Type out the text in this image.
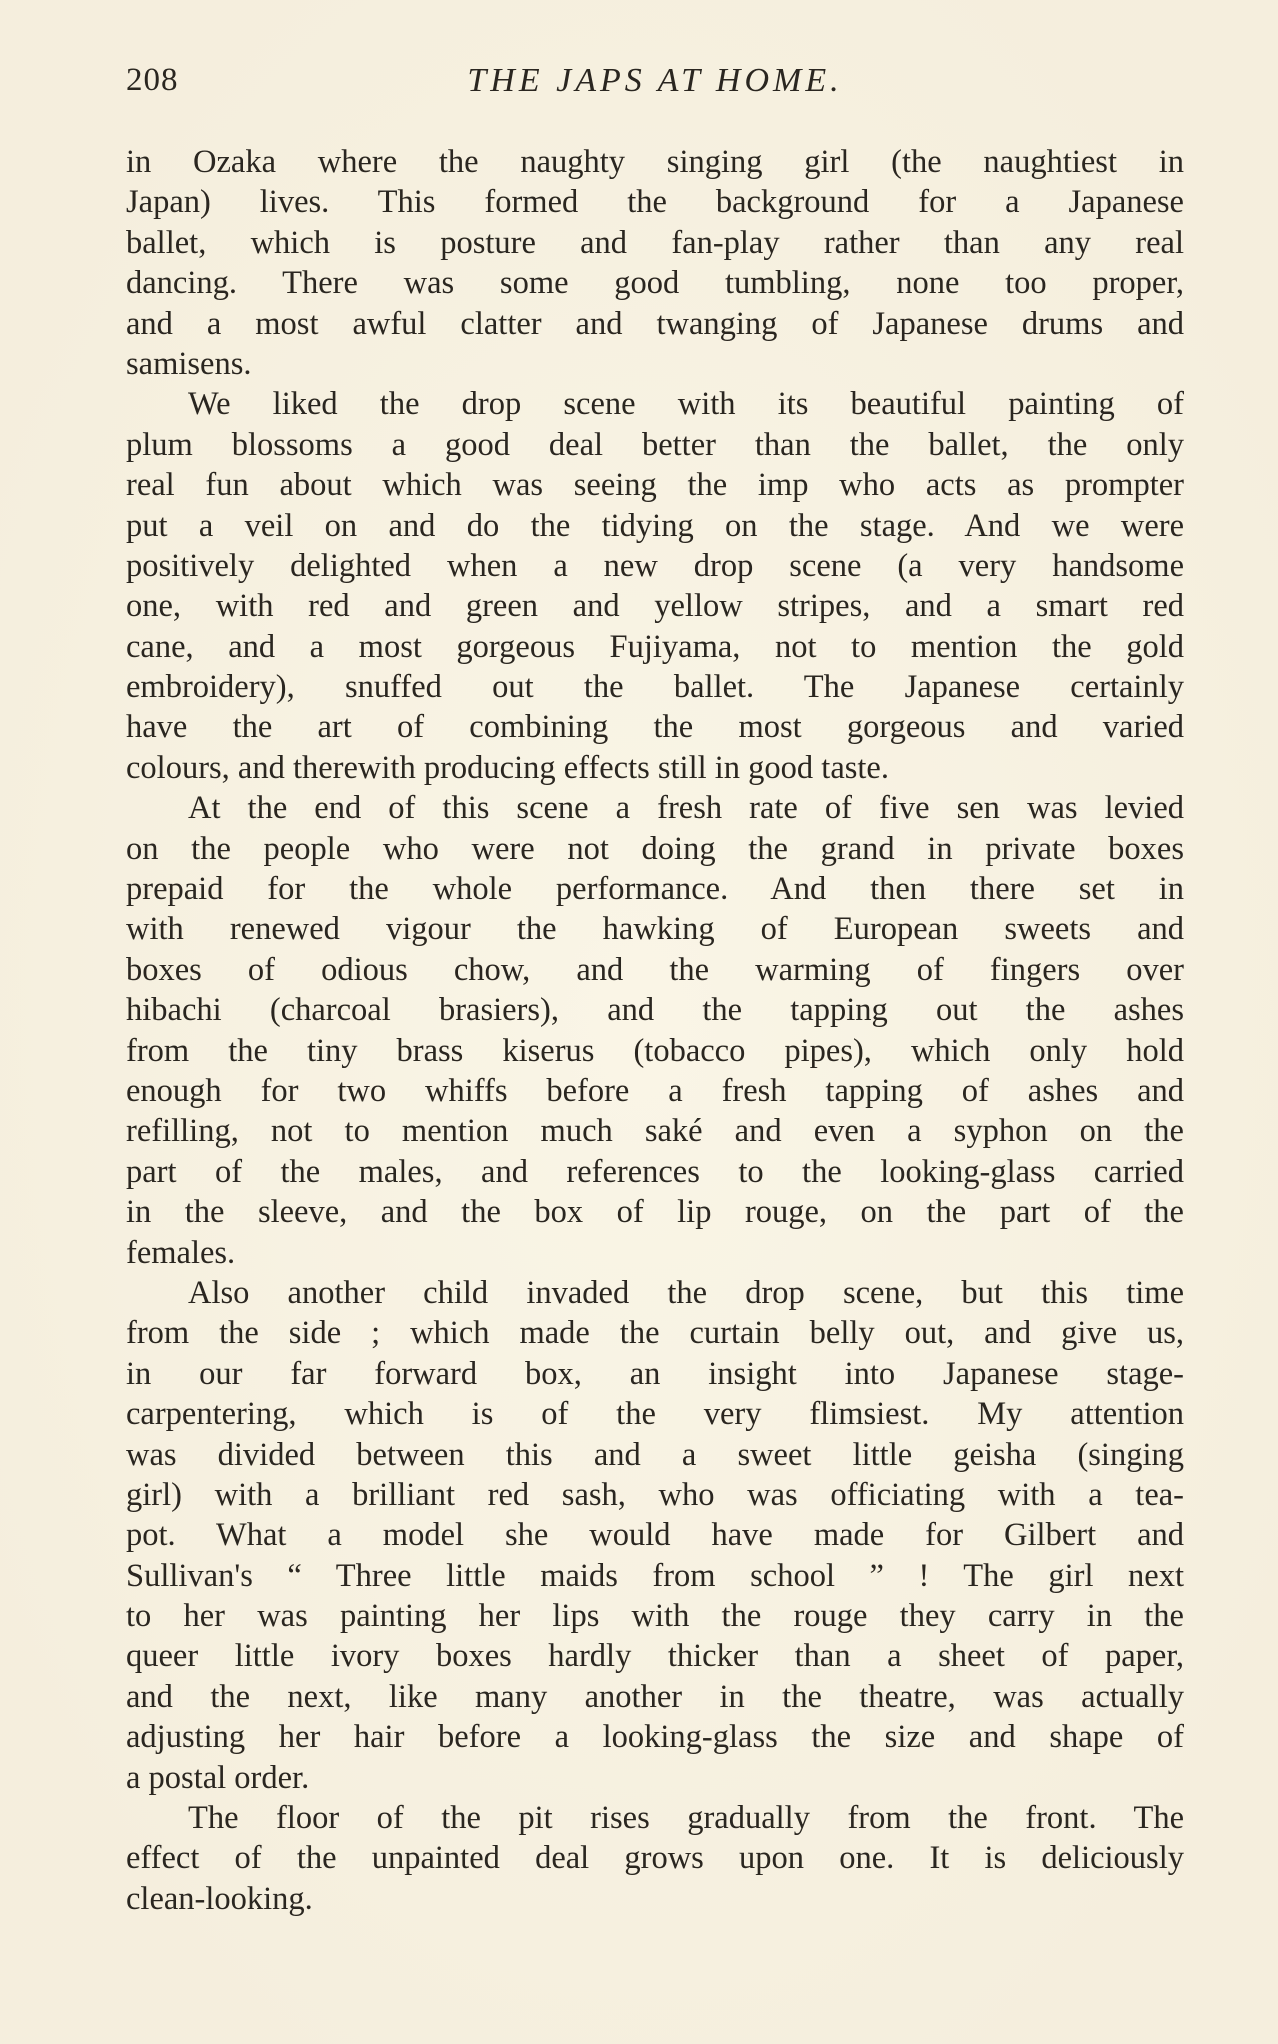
208	THE JAPS AT HOME.
in Ozaka where the naughty singing girl (the naughtiest in
Japan) lives. This formed the background for a Japanese
ballet, which is posture and fan-play rather than any real
dancing. There was some good tumbling, none too proper,
and a most awful clatter and twanging of Japanese drums and
samisens.
We liked the drop scene with its beautiful painting of
plum blossoms a good deal better than the ballet, the only
real fun about which was seeing the imp who acts as prompter
put a veil on and do the tidying on the stage. And we were
positively delighted when a new drop scene (a very handsome
one, with red and green and yellow stripes, and a smart red
cane, and a most gorgeous Fujiyama, not to mention the gold
embroidery), snuffed out the ballet. The Japanese certainly
have the art of combining the most gorgeous and varied
colours, and therewith producing effects still in good taste.
At the end of this scene a fresh rate of five sen was levied
on the people who were not doing the grand in private boxes
prepaid for the whole performance. And then there set in
with renewed vigour the hawking of European sweets and
boxes of odious chow, and the warming of fingers over
hibachi (charcoal brasiers), and the tapping out the ashes
from the tiny brass kiserus (tobacco pipes), which only hold
enough for two whiffs before a fresh tapping of ashes and
refilling, not to mention much saké and even a syphon on the
part of the males, and references to the looking-glass carried
in the sleeve, and the box of lip rouge, on the part of the
females.
Also another child invaded the drop scene, but this time
from the side ; which made the curtain belly out, and give us,
in our far forward box, an insight into Japanese stage-
carpentering, which is of the very flimsiest. My attention
was divided between this and a sweet little geisha (singing
girl) with a brilliant red sash, who was officiating with a tea-
pot. What a model she would have made for Gilbert and
Sullivan's “ Three little maids from school ” ! The girl next
to her was painting her lips with the rouge they carry in the
queer little ivory boxes hardly thicker than a sheet of paper,
and the next, like many another in the theatre, was actually
adjusting her hair before a looking-glass the size and shape of
a postal order.
The floor of the pit rises gradually from the front. The
effect of the unpainted deal grows upon one. It is deliciously
clean-looking.
